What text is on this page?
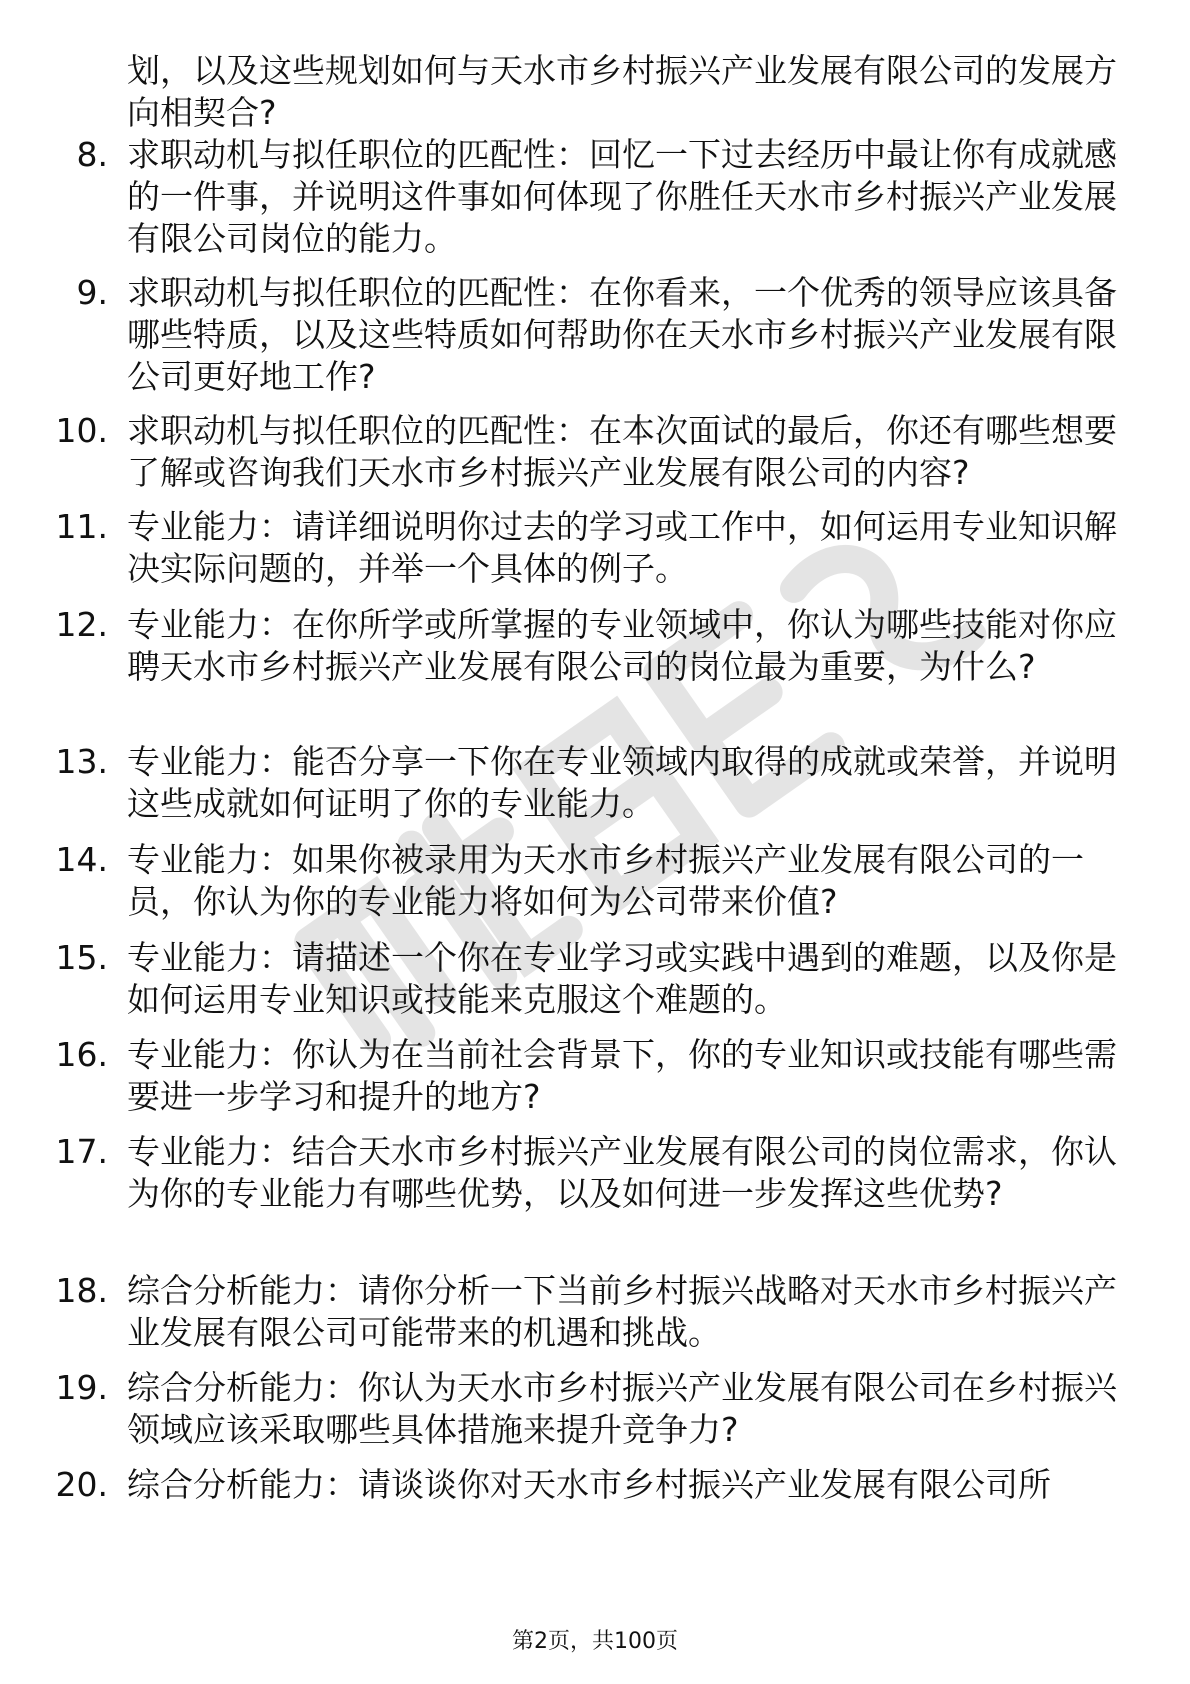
划，以及这些规划如何与天水市乡村振兴产业发展有限公司的发展方向相契合?
8. 求职动机与拟任职位的匹配性：回忆一下过去经历中最让你有成就感的一件事，并说明这件事如何体现了你胜任天水市乡村振兴产业发展有限公司岗位的能力。
9. 求职动机与拟任职位的匹配性：在你看来，一个优秀的领导应该具备哪些特质，以及这些特质如何帮助你在天水市乡村振兴产业发展有限公司更好地工作?
10. 求职动机与拟任职位的匹配性：在本次面试的最后，你还有哪些想要了解或咨询我们天水市乡村振兴产业发展有限公司的内容?
11. 专业能力：请详细说明你过去的学习或工作中，如何运用专业知识解决实际问题的，并举一个具体的例子。
12. 专业能力：在你所学或所掌握的专业领域中，你认为哪些技能对你应聘天水市乡村振兴产业发展有限公司的岗位最为重要，为什么?
13. 专业能力：能否分享一下你在专业领域内取得的成就或荣誉，并说明这些成就如何证明了你的专业能力。
14. 专业能力：如果你被录用为天水市乡村振兴产业发展有限公司的一员，你认为你的专业能力将如何为公司带来价值?
15. 专业能力：请描述一个你在专业学习或实践中遇到的难题，以及你是如何运用专业知识或技能来克服这个难题的。
16. 专业能力：你认为在当前社会背景下，你的专业知识或技能有哪些需要进一步学习和提升的地方?
17. 专业能力：结合天水市乡村振兴产业发展有限公司的岗位需求，你认为你的专业能力有哪些优势，以及如何进一步发挥这些优势?
18. 综合分析能力：请你分析一下当前乡村振兴战略对天水市乡村振兴产业发展有限公司可能带来的机遇和挑战。
19. 综合分析能力：你认为天水市乡村振兴产业发展有限公司在乡村振兴领域应该采取哪些具体措施来提升竞争力?
20. 综合分析能力：请谈谈你对天水市乡村振兴产业发展有限公司所
第2页，共100页
